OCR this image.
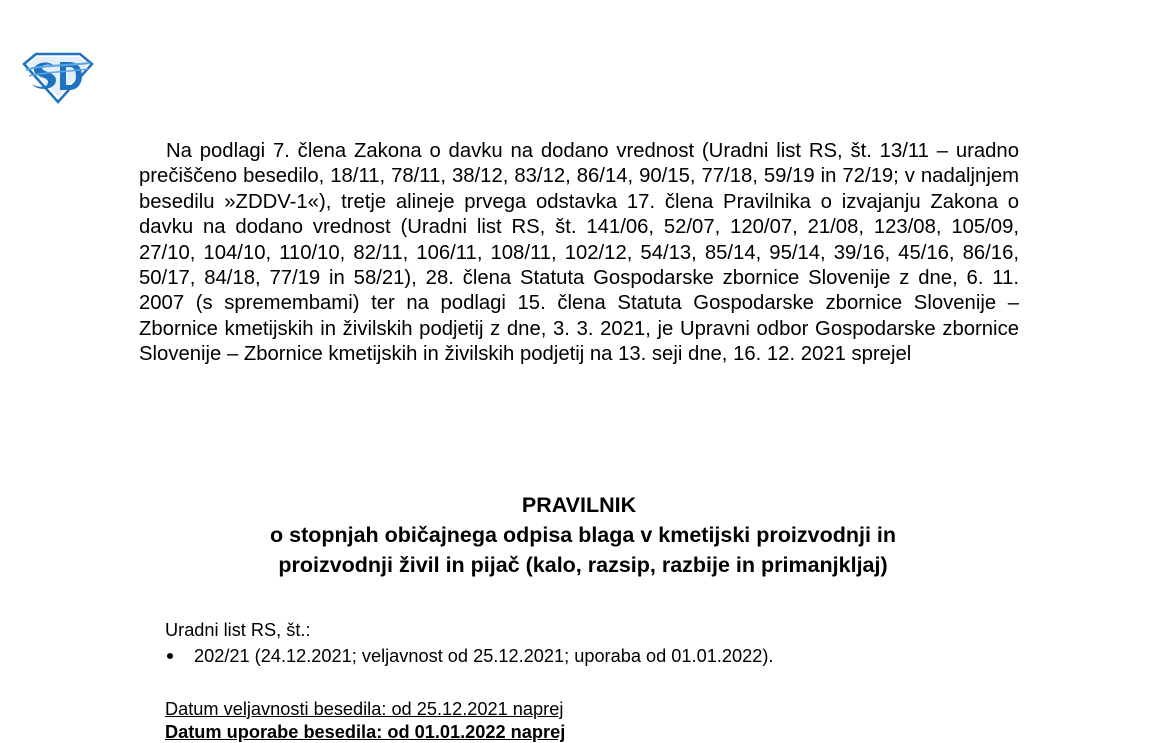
Na podlagi 7. člena Zakona o davku na dodano vrednost (Uradni list RS, št. 13/11 – uradno prečiščeno besedilo, 18/11, 78/11, 38/12, 83/12, 86/14, 90/15, 77/18, 59/19 in 72/19; v nadaljnjem besedilu »ZDDV-1«), tretje alineje prvega odstavka 17. člena Pravilnika o izvajanju Zakona o davku na dodano vrednost (Uradni list RS, št. 141/06, 52/07, 120/07, 21/08, 123/08, 105/09, 27/10, 104/10, 110/10, 82/11, 106/11, 108/11, 102/12, 54/13, 85/14, 95/14, 39/16, 45/16, 86/16, 50/17, 84/18, 77/19 in 58/21), 28. člena Statuta Gospodarske zbornice Slovenije z dne, 6. 11. 2007 (s spremembami) ter na podlagi 15. člena Statuta Gospodarske zbornice Slovenije – Zbornice kmetijskih in živilskih podjetij z dne, 3. 3. 2021, je Upravni odbor Gospodarske zbornice Slovenije – Zbornice kmetijskih in živilskih podjetij na 13. seji dne, 16. 12. 2021 sprejel

PRAVILNIK

o stopnjah običajnega odpisa blaga v kmetijski proizvodnji in

proizvodnji živil in pijač (kalo, razsip, razbije in primanjkljaj)

Uradni list RS, št.:

202/21 (24.12.2021; veljavnost od 25.12.2021; uporaba od 01.01.2022).

Datum veljavnosti besedila: od 25.12.2021 naprej

Datum uporabe besedila: od 01.01.2022 naprej
